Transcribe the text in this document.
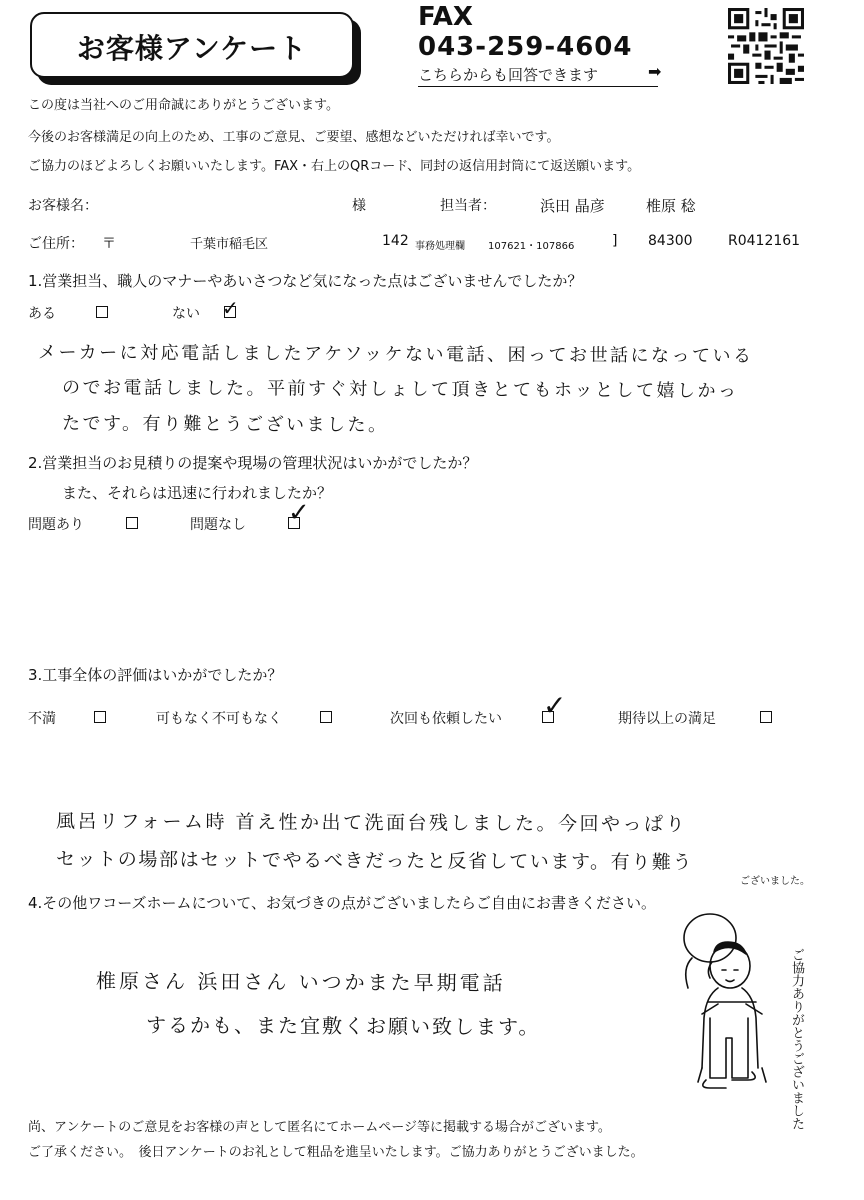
お客様アンケート
FAX
043-259-4604
こちらからも回答できます	➡
この度は当社へのご用命誠にありがとうございます。
今後のお客様満足の向上のため、工事のご意見、ご要望、感想などいただければ幸いです。
ご協力のほどよろしくお願いいたします。FAX・右上のQRコード、同封の返信用封筒にて返送願います。
お客様名：	様	担当者：	浜田 晶彦	椎原 稔
ご住所： 〒	千葉市稲毛区	142 事務処理欄 107621・107866	] 84300	R0412161
1.営業担当、職人のマナーやあいさつなど気になった点はございませんでしたか？
ある	ない ✓
メーカーに対応電話しましたアケソッケない電話、困ってお世話になっている
のでお電話しました。平前すぐ対しょして頂きとてもホッとして嬉しかっ
たです。有り難とうございました。
2.営業担当のお見積りの提案や現場の管理状況はいかがでしたか？
また、それらは迅速に行われましたか？
問題あり	問題なし ✓
3.工事全体の評価はいかがでしたか？
不満	可もなく不可もなく	次回も依頼したい ✓	期待以上の満足
風呂リフォーム時 首え性か出て洗面台残しました。今回やっぱり
セットの場部はセットでやるべきだったと反省しています。有り難う
ございました。
4.その他ワコーズホームについて、お気づきの点がございましたらご自由にお書きください。
椎原さん 浜田さん いつかまた早期電話
するかも、また宜敷くお願い致します。	ご協力ありがとうございました
尚、アンケートのご意見をお客様の声として匿名にてホームページ等に掲載する場合がございます。
ご了承ください。　後日アンケートのお礼として粗品を進呈いたします。ご協力ありがとうございました。
